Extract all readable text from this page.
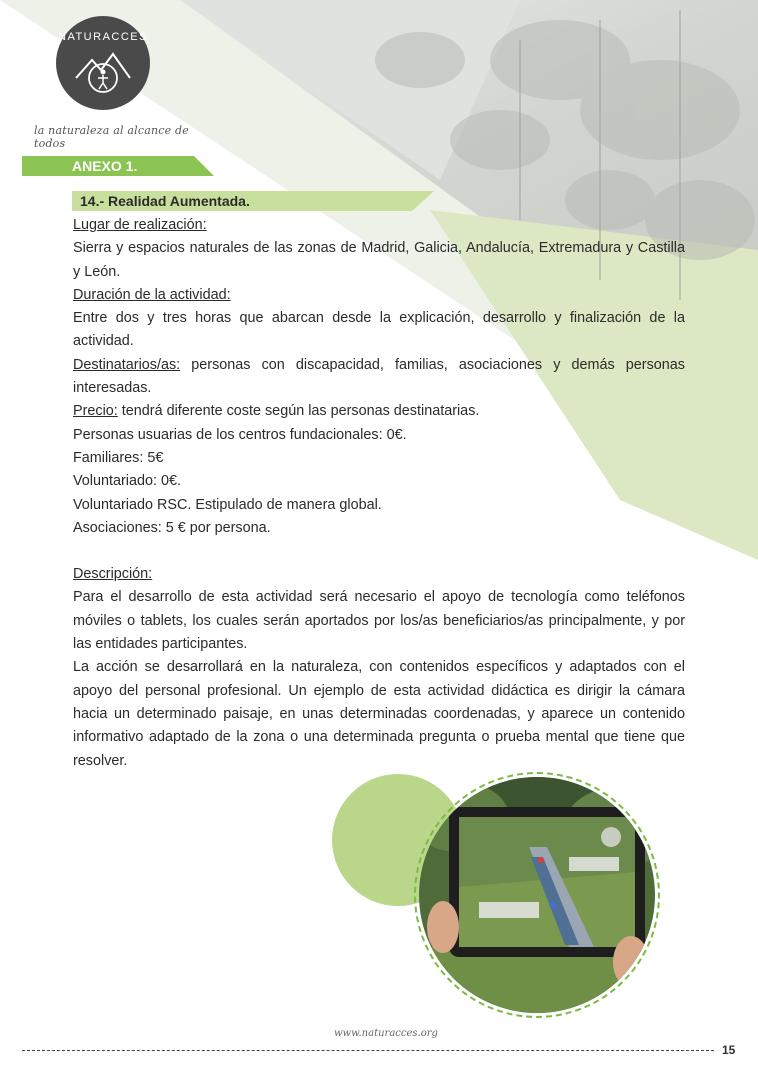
NATURACCES
la naturaleza al alcance de todos
ANEXO 1.
14.- Realidad Aumentada.
Lugar de realización:

Sierra y espacios naturales de las zonas de Madrid, Galicia, Andalucía, Extremadura y Castilla y León.

Duración de la actividad:

Entre dos y tres horas que abarcan desde la explicación, desarrollo y finalización de la actividad.

Destinatarios/as: personas con discapacidad, familias, asociaciones y demás personas interesadas.

Precio: tendrá diferente coste según las personas destinatarias.
Personas usuarias de los centros fundacionales: 0€.
Familiares: 5€
Voluntariado: 0€.
Voluntariado RSC. Estipulado de manera global.
Asociaciones: 5 € por persona.
Descripción:

Para el desarrollo de esta actividad será necesario el apoyo de tecnología como teléfonos móviles o tablets, los cuales serán aportados por los/as beneficiarios/as principalmente, y por las entidades participantes.

La acción se desarrollará en la naturaleza, con contenidos específicos y adaptados con el apoyo del personal profesional. Un ejemplo de esta actividad didáctica es dirigir la cámara hacia un determinado paisaje, en unas determinadas coordenadas, y aparece un contenido informativo adaptado de la zona o una determinada pregunta o prueba mental que tiene que resolver.

www.naturacces.org
15
